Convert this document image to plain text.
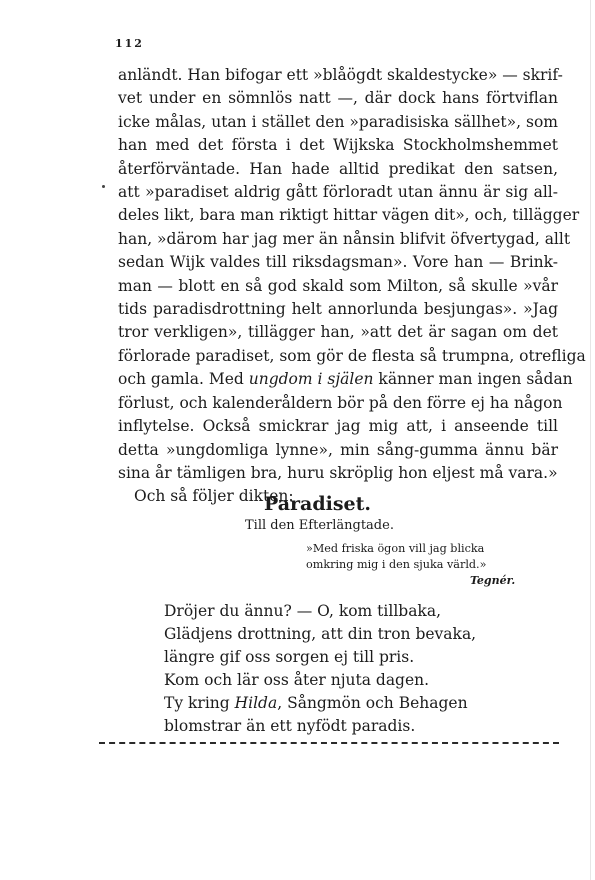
112
anländt. Han bifogar ett »blåögdt skaldestycke» — skrif-
vet under en sömnlös natt —, där dock hans förtviflan
icke målas, utan i stället den »paradisiska sällhet», som
han med det första i det Wijkska Stockholmshemmet
återförväntade. Han hade alltid predikat den satsen,
att »paradiset aldrig gått förloradt utan ännu är sig all-
deles likt, bara man riktigt hittar vägen dit», och, tillägger
han, »därom har jag mer än nånsin blifvit öfvertygad, allt
sedan Wijk valdes till riksdagsman». Vore han — Brink-
man — blott en så god skald som Milton, så skulle »vår
tids paradisdrottning helt annorlunda besjungas». »Jag
tror verkligen», tillägger han, »att det är sagan om det
förlorade paradiset, som gör de flesta så trumpna, otrefliga
och gamla. Med ungdom i själen känner man ingen sådan
förlust, och kalenderåldern bör på den förre ej ha någon
inflytelse. Också smickrar jag mig att, i anseende till
detta »ungdomliga lynne», min sång-gumma ännu bär
sina år tämligen bra, huru skröplig hon eljest må vara.»
Och så följer dikten:
Paradiset.
Till den Efterlängtade.
»Med friska ögon vill jag blicka
omkring mig i den sjuka värld.»
Tegnér.
Dröjer du ännu? — O, kom tillbaka,
Glädjens drottning, att din tron bevaka,
längre gif oss sorgen ej till pris.
Kom och lär oss åter njuta dagen.
Ty kring Hilda, Sångmön och Behagen
blomstrar än ett nyfödt paradis.
